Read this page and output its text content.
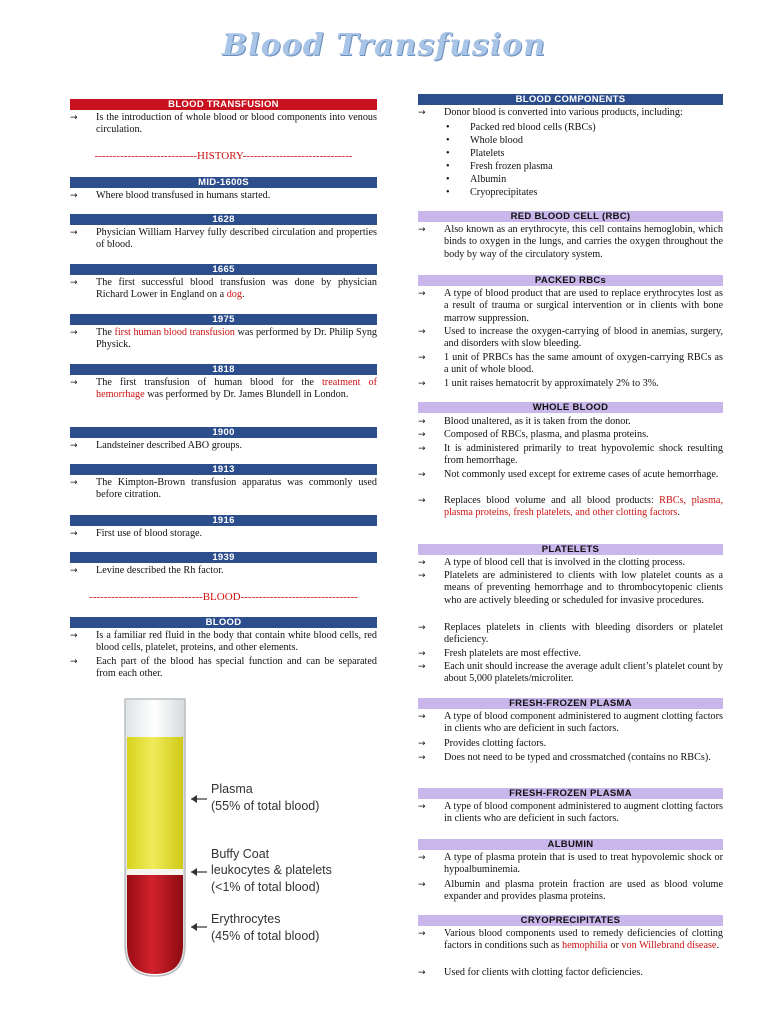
Blood Transfusion
BLOOD TRANSFUSION
→ Is the introduction of whole blood or blood components into venous circulation.
----------------------------HISTORY------------------------------
MID-1600S
→ Where blood transfused in humans started.
1628
→ Physician William Harvey fully described circulation and properties of blood.
1665
→ The first successful blood transfusion was done by physician Richard Lower in England on a dog.
1975
→ The first human blood transfusion was performed by Dr. Philip Syng Physick.
1818
→ The first transfusion of human blood for the treatment of hemorrhage was performed by Dr. James Blundell in London.
1900
→ Landsteiner described ABO groups.
1913
→ The Kimpton-Brown transfusion apparatus was commonly used before citration.
1916
→ First use of blood storage.
1939
→ Levine described the Rh factor.
-------------------------------BLOOD--------------------------------
BLOOD
→ Is a familiar red fluid in the body that contain white blood cells, red blood cells, platelet, proteins, and other elements.
→ Each part of the blood has special function and can be separated from each other.
Plasma
(55% of total blood)
Buffy Coat
leukocytes & platelets
(<1% of total blood)
Erythrocytes
(45% of total blood)
BLOOD COMPONENTS
→ Donor blood is converted into various products, including:
• Packed red blood cells (RBCs)
• Whole blood
• Platelets
• Fresh frozen plasma
• Albumin
• Cryoprecipitates
RED BLOOD CELL (RBC)
→ Also known as an erythrocyte, this cell contains hemoglobin, which binds to oxygen in the lungs, and carries the oxygen throughout the body by way of the circulatory system.
PACKED RBCs
→ A type of blood product that are used to replace erythrocytes lost as a result of trauma or surgical intervention or in clients with bone marrow suppression.
→ Used to increase the oxygen-carrying of blood in anemias, surgery, and disorders with slow bleeding.
→ 1 unit of PRBCs has the same amount of oxygen-carrying RBCs as a unit of whole blood.
→ 1 unit raises hematocrit by approximately 2% to 3%.
WHOLE BLOOD
→ Blood unaltered, as it is taken from the donor.
→ Composed of RBCs, plasma, and plasma proteins.
→ It is administered primarily to treat hypovolemic shock resulting from hemorrhage.
→ Not commonly used except for extreme cases of acute hemorrhage.
→ Replaces blood volume and all blood products: RBCs, plasma, plasma proteins, fresh platelets, and other clotting factors.
PLATELETS
→ A type of blood cell that is involved in the clotting process.
→ Platelets are administered to clients with low platelet counts as a means of preventing hemorrhage and to thrombocytopenic clients who are actively bleeding or scheduled for invasive procedures.
→ Replaces platelets in clients with bleeding disorders or platelet deficiency.
→ Fresh platelets are most effective.
→ Each unit should increase the average adult client’s platelet count by about 5,000 platelets/microliter.
FRESH-FROZEN PLASMA
→ A type of blood component administered to augment clotting factors in clients who are deficient in such factors.
→ Provides clotting factors.
→ Does not need to be typed and crossmatched (contains no RBCs).
FRESH-FROZEN PLASMA
→ A type of blood component administered to augment clotting factors in clients who are deficient in such factors.
ALBUMIN
→ A type of plasma protein that is used to treat hypovolemic shock or hypoalbuminemia.
→ Albumin and plasma protein fraction are used as blood volume expander and provides plasma proteins.
CRYOPRECIPITATES
→ Various blood components used to remedy deficiencies of clotting factors in conditions such as hemophilia or von Willebrand disease.
→ Used for clients with clotting factor deficiencies.
